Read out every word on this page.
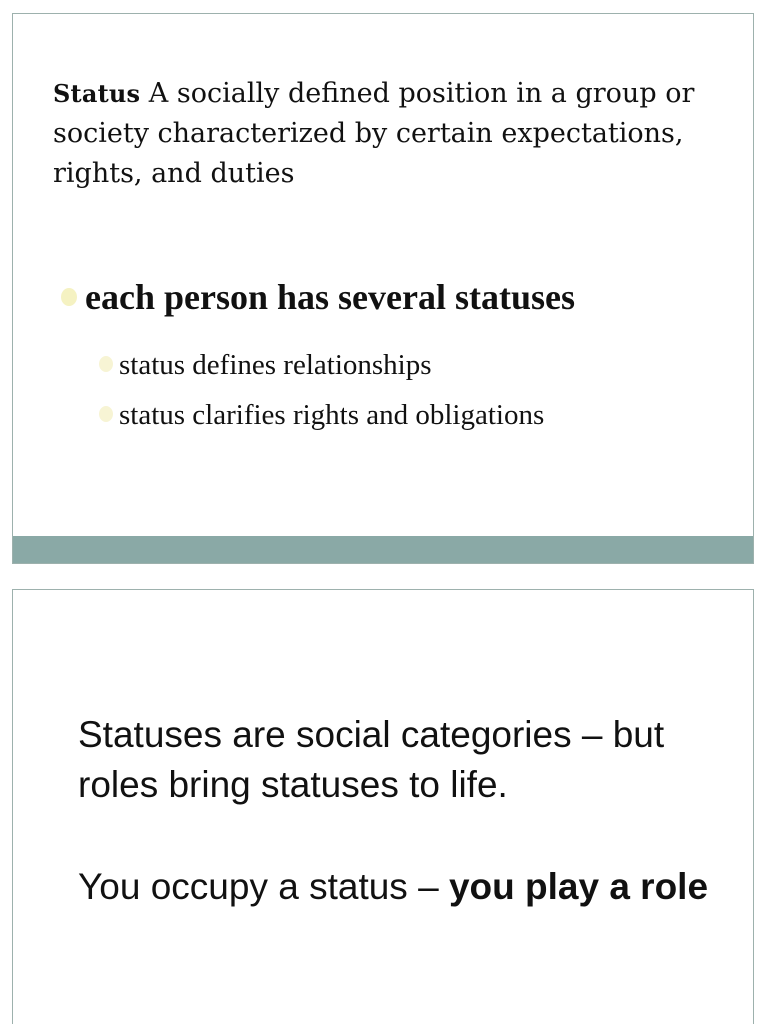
Status A socially defined position in a group or society characterized by certain expectations, rights, and duties

each person has several statuses

status defines relationships

status clarifies rights and obligations

Statuses are social categories – but roles bring statuses to life.

You occupy a status – you play a role
